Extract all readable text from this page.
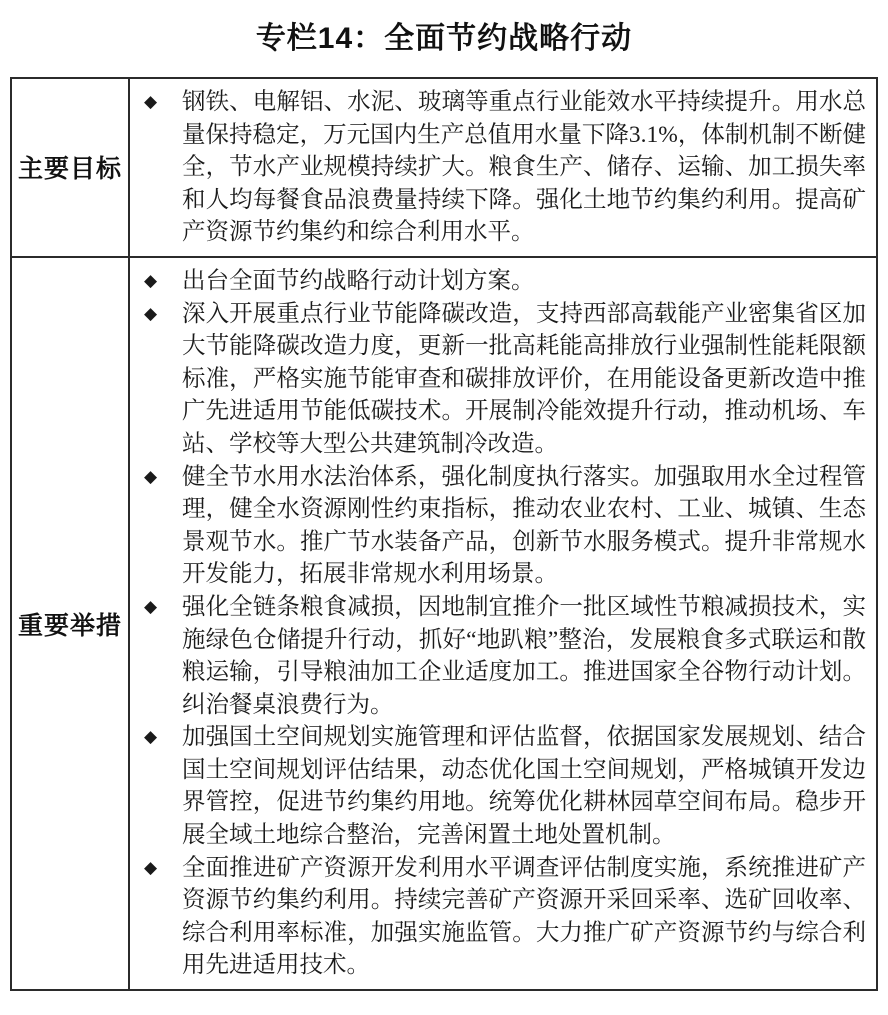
专栏14：全面节约战略行动
主要目标	◆ 钢铁、电解铝、水泥、玻璃等重点行业能效水平持续提升。用水总量保持稳定，万元国内生产总值用水量下降3.1%，体制机制不断健全，节水产业规模持续扩大。粮食生产、储存、运输、加工损失率和人均每餐食品浪费量持续下降。强化土地节约集约利用。提高矿产资源节约集约和综合利用水平。

重要举措	
◆	出台全面节约战略行动计划方案。

◆	深入开展重点行业节能降碳改造，支持西部高载能产业密集省区加大节能降碳改造力度，更新一批高耗能高排放行业强制性能耗限额标准，严格实施节能审查和碳排放评价，在用能设备更新改造中推广先进适用节能低碳技术。开展制冷能效提升行动，推动机场、车站、学校等大型公共建筑制冷改造。

◆	健全节水用水法治体系，强化制度执行落实。加强取用水全过程管理，健全水资源刚性约束指标，推动农业农村、工业、城镇、生态景观节水。推广节水装备产品，创新节水服务模式。提升非常规水开发能力，拓展非常规水利用场景。

◆	强化全链条粮食减损，因地制宜推介一批区域性节粮减损技术，实施绿色仓储提升行动，抓好“地趴粮”整治，发展粮食多式联运和散粮运输，引导粮油加工企业适度加工。推进国家全谷物行动计划。纠治餐桌浪费行为。

◆	加强国土空间规划实施管理和评估监督，依据国家发展规划、结合国土空间规划评估结果，动态优化国土空间规划，严格城镇开发边界管控，促进节约集约用地。统筹优化耕林园草空间布局。稳步开展全域土地综合整治，完善闲置土地处置机制。

◆	全面推进矿产资源开发利用水平调查评估制度实施，系统推进矿产资源节约集约利用。持续完善矿产资源开采回采率、选矿回收率、综合利用率标准，加强实施监管。大力推广矿产资源节约与综合利用先进适用技术。
